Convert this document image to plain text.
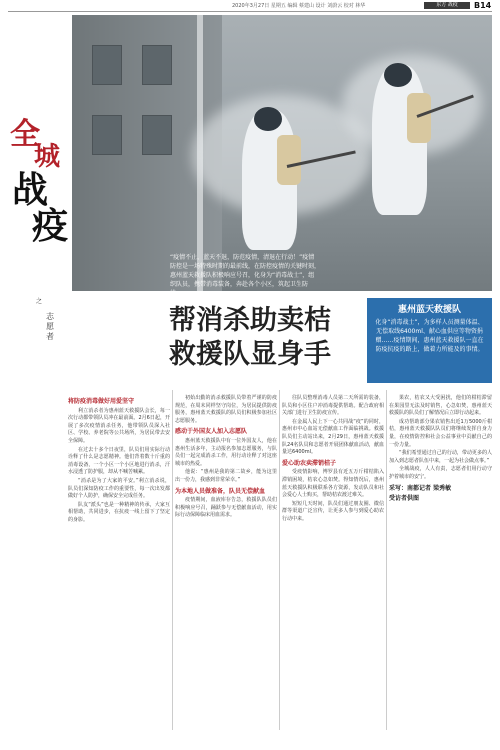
2020年3月27日 星期五 编辑 蔡建山 设计 刘蔚云 校对 林华	东方 战疫	B14
“疫情不止，蓝天不退，防范疫情，清退在行动！”疫情防控是一场特殊时期的最前线，在防控疫情的关键时刻，惠州蓝天救援队积极响应号召，化身为“消毒战士”，组织队员，携带消毒装备，奔赴各个小区，筑起卫生防线……
全
城
战
疫
之
志愿者
惠州蓝天救援队
化身“消毒战士”，为多样人员测量体温、无偿取线6400ml、献心血供应等物资捐赠……疫情期间，惠州蓝天救援队一直在防疫抗疫的路上，做着力所能及的事情。
帮消杀助卖桔
救援队显身手
将防疫消毒做好用爱坚守

利立消杀者为惠州蓝天救援队会长，每一次行动都带领队员冲在最前面。2月6日起，开展了多次疫情消杀任务，他带领队员深入社区、学校、养老院等公共场所，为居民带去安全保障。

在过去十多个日夜里，队员们用实际行动诠释了什么是志愿精神。他们背着数十斤重的消毒设备，一个小区一个小区地进行消杀，汗水浸透了防护服，却从不喊苦喊累。

“消杀是为了大家的平安。”利立消杀说，队员们深知防疫工作的重要性，每一次出发都做好个人防护，确保安全完成任务。

队友“派头”也是一种精神的传承，大家互相帮助，共同进步，在抗疫一线上留下了坚定的身影。

初始出勤的消杀救援队员带着严谨的防疫规范，在周末同样坚守岗位，为居民提供防疫服务，惠州蓝天救援队的队员们积极参加社区志愿服务。

感动于外国友人加入志愿队

惠州蓝天救援队中有一位外国友人，他在惠州生活多年，主动报名参加志愿服务，与队员们一起完成消杀工作，用行动诠释了对这座城市的热爱。

他说：“惠州是我的第二故乡，能为这里出一份力，我感到非常荣幸。”

为本地人员做准备，队员无偿献血

疫情期间，血液库存告急，救援队队员们积极响应号召，踊跃参与无偿献血活动，用实际行动保障临床用血需求。

往队员整理消毒人员第二天所需的装备，队员和小区住户冲消毒提供帮助。配合政府相关部门进行卫生防疫宣传。

在金属人民上下一心共同战“疫”的同时，惠州市中心血站无偿献血工作面临挑战。救援队员们主动站出来，2月29日，惠州蓝天救援队24名队员和志愿者开展团体献血活动，献血量达6400ml。

爱心助农卖滞销桔子

受疫情影响，博罗县有近五万斤柑桔陷入滞销困境，桔农心急如焚。得知情况后，惠州蓝天救援队积极联系各方资源，发动队员和社会爱心人士购买，帮助桔农渡过难关。

短短几天时间，队员们通过朋友圈、微信群等渠道广泛宣传，让更多人参与到爱心助农行动中来。

果农，桔农又大受困扰，他们的柑桔滞留在果园里无法及时销售，心急如焚，惠州蓝天救援队的队员们了解情况后立即行动起来。

成功帮助部分果农销售出近1万5000斤柑桔，惠州蓝天救援队队员们将继续发挥自身力量，在疫情防控和社会公益事业中贡献自己的一份力量。

“我们希望通过自己的行动，带动更多的人加入到志愿者队伍中来，一起为社会做点事。”

全城战疫，人人有责，志愿者们用行动守护着城市的安宁。

采写：南都记者 梁秀敏

受访者供图
